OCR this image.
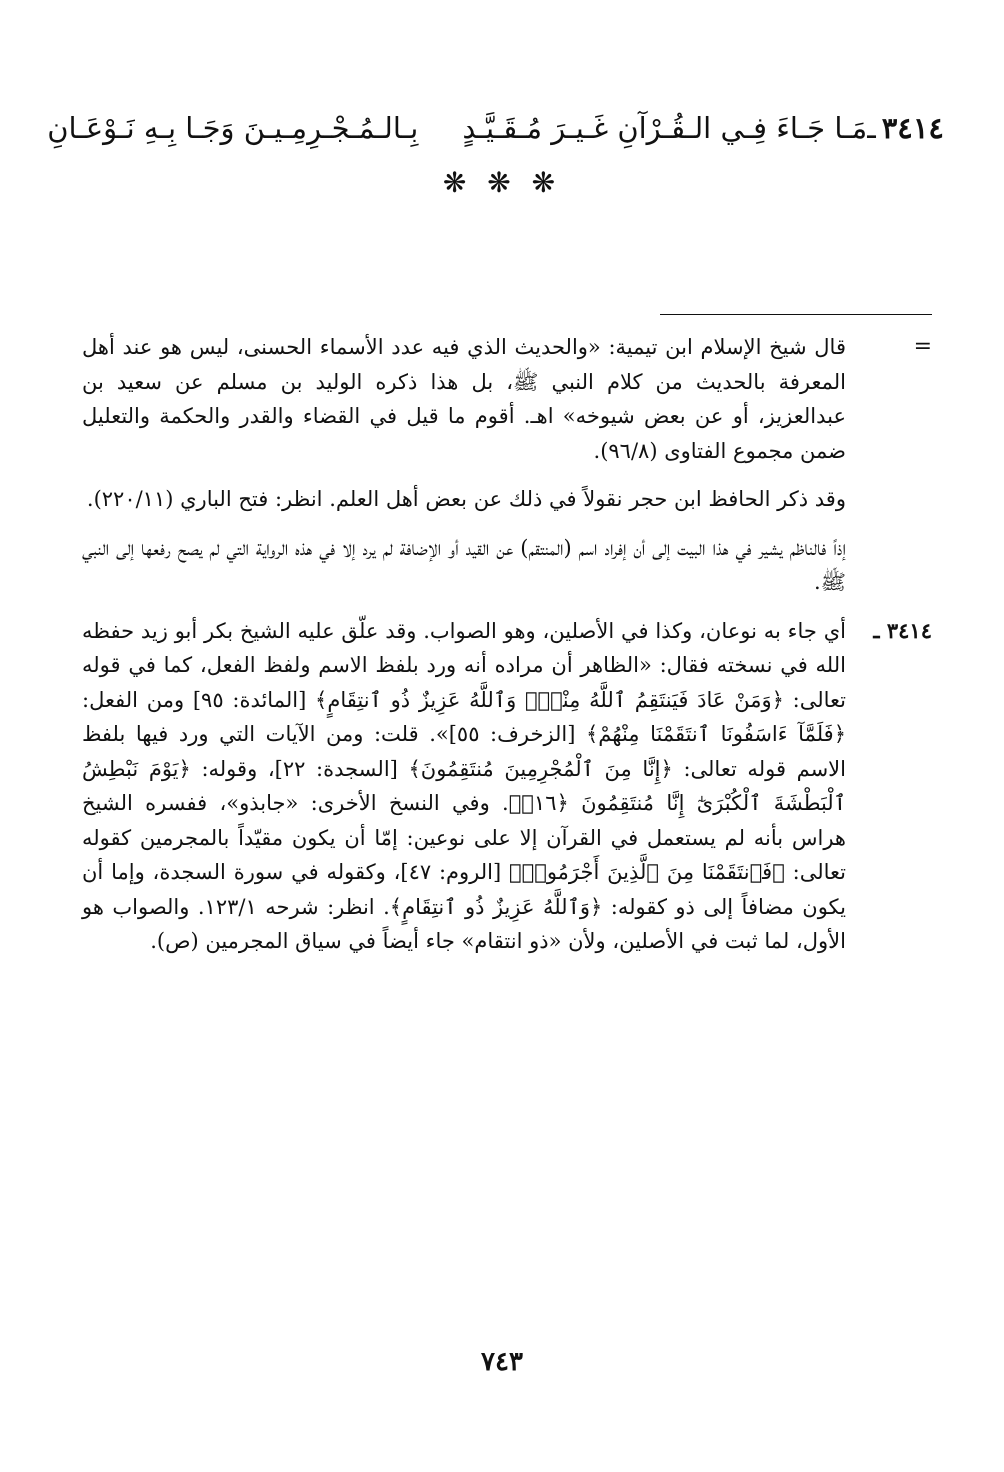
٣٤١٤
ـ
مَـا جَـاءَ فِـي الـقُـرْآنِ غَـيـرَ مُـقَـيَّـدٍ
بِـالـمُـجْـرِمِـيـنَ وَجَـا بِـهِ نَـوْعَـانِ
❋ ❋ ❋
=

قال شيخ الإسلام ابن تيمية: «والحديث الذي فيه عدد الأسماء الحسنى، ليس هو عند أهل المعرفة بالحديث من كلام النبي ﷺ، بل هذا ذكره الوليد بن مسلم عن سعيد بن عبدالعزيز، أو عن بعض شيوخه» اهـ. أقوم ما قيل في القضاء والقدر والحكمة والتعليل ضمن مجموع الفتاوى (٩٦/٨).

وقد ذكر الحافظ ابن حجر نقولاً في ذلك عن بعض أهل العلم. انظر: فتح الباري (٢٢٠/١١).

إذاً فالناظم يشير في هذا البيت إلى أن إفراد اسم (المنتقم) عن القيد أو الإضافة لم يرد إلا في هذه الرواية التي لم يصح رفعها إلى النبي ﷺ.

٣٤١٤ ـ

أي جاء به نوعان، وكذا في الأصلين، وهو الصواب. وقد علّق عليه الشيخ بكر أبو زيد حفظه الله في نسخته فقال: «الظاهر أن مراده أنه ورد بلفظ الاسم ولفظ الفعل، كما في قوله تعالى: ﴿وَمَنْ عَادَ فَيَنتَقِمُ ٱللَّهُ مِنْهُۚ وَٱللَّهُ عَزِيزٌ ذُو ٱنتِقَامٍ﴾ [المائدة: ٩٥] ومن الفعل: ﴿فَلَمَّآ ءَاسَفُونَا ٱنتَقَمْنَا مِنْهُمْ﴾ [الزخرف: ٥٥]». قلت: ومن الآيات التي ورد فيها بلفظ الاسم قوله تعالى: ﴿إِنَّا مِنَ ٱلْمُجْرِمِينَ مُنتَقِمُونَ﴾ [السجدة: ٢٢]، وقوله: ﴿يَوْمَ نَبْطِشُ ٱلْبَطْشَةَ ٱلْكُبْرَىٰٓ إِنَّا مُنتَقِمُونَ ﴿١٦﴾﴾. وفي النسخ الأخرى: «جابذو»، ففسره الشيخ هراس بأنه لم يستعمل في القرآن إلا على نوعين: إمّا أن يكون مقيّداً بالمجرمين كقوله تعالى: ﴿فَٱنتَقَمْنَا مِنَ ٱلَّذِينَ أَجْرَمُوا۟﴾ [الروم: ٤٧]، وكقوله في سورة السجدة، وإما أن يكون مضافاً إلى ذو كقوله: ﴿وَٱللَّهُ عَزِيزٌ ذُو ٱنتِقَامٍ﴾. انظر: شرحه ١٢٣/١. والصواب هو الأول، لما ثبت في الأصلين، ولأن «ذو انتقام» جاء أيضاً في سياق المجرمين (ص).

٧٤٣
